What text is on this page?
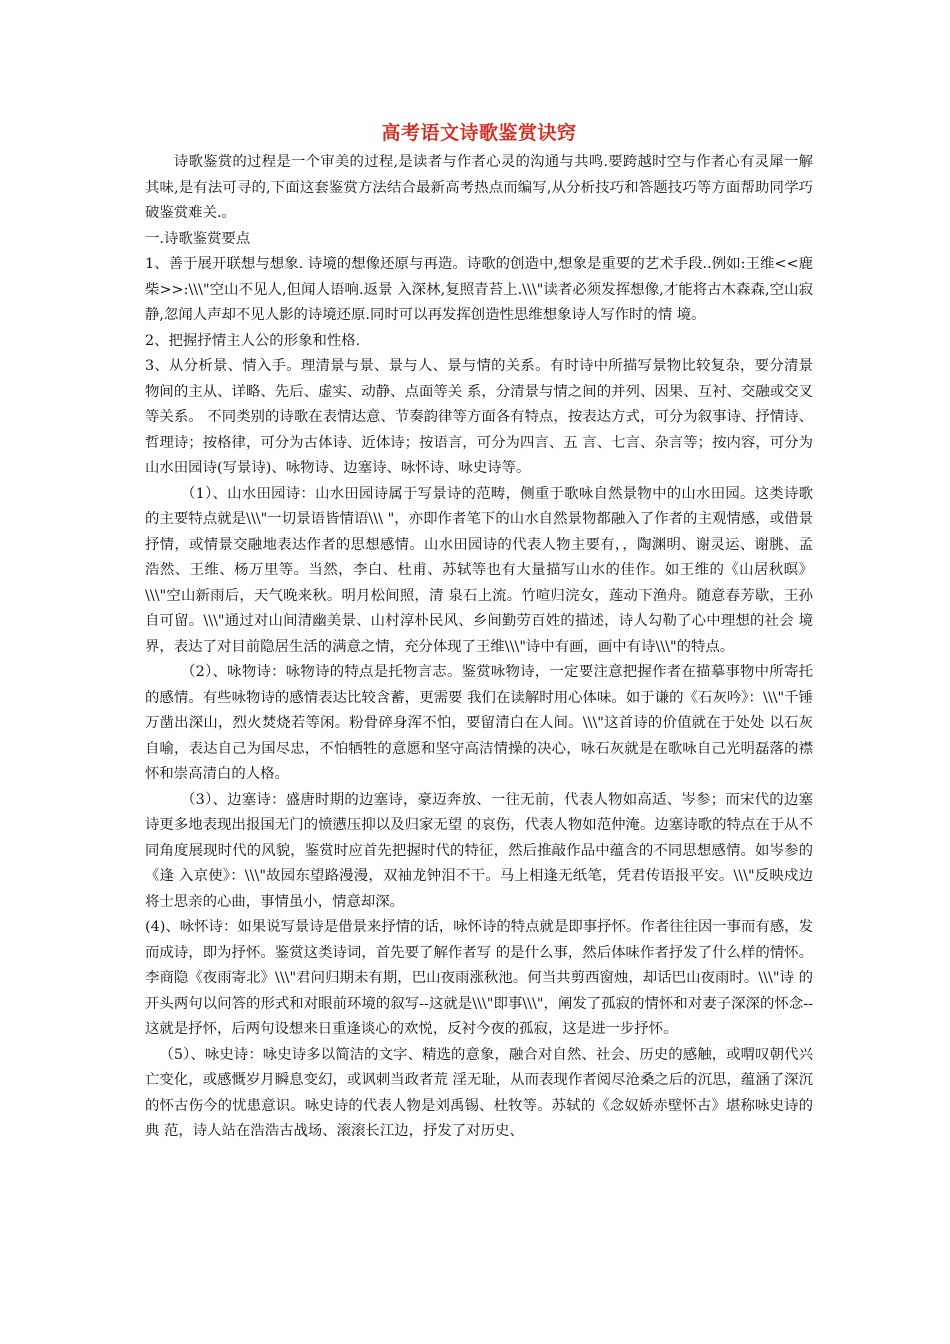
高考语文诗歌鉴赏诀窍

诗歌鉴赏的过程是一个审美的过程,是读者与作者心灵的沟通与共鸣.要跨越时空与作者心有灵犀一解其味,是有法可寻的,下面这套鉴赏方法结合最新高考热点而编写,从分析技巧和答题技巧等方面帮助同学巧破鉴赏难关.。

一.诗歌鉴赏要点

1、善于展开联想与想象. 诗境的想像还原与再造。诗歌的创造中,想象是重要的艺术手段..例如:王维<<鹿柴>>:\\\"空山不见人,但闻人语响.返景 入深林,复照青苔上.\\\"读者必须发挥想像,才能将古木森森,空山寂静,忽闻人声却不见人影的诗境还原.同时可以再发挥创造性思维想象诗人写作时的情 境。

2、把握抒情主人公的形象和性格.

3、从分析景、情入手。理清景与景、景与人、景与情的关系。有时诗中所描写景物比较复杂，要分清景物间的主从、详略、先后、虚实、动静、点面等关 系，分清景与情之间的并列、因果、互衬、交融或交叉等关系。 不同类别的诗歌在表情达意、节奏韵律等方面各有特点，按表达方式，可分为叙事诗、抒情诗、哲理诗；按格律，可分为古体诗、近体诗；按语言，可分为四言、五 言、七言、杂言等；按内容，可分为山水田园诗(写景诗)、咏物诗、边塞诗、咏怀诗、咏史诗等。

（1）、山水田园诗：山水田园诗属于写景诗的范畴，侧重于歌咏自然景物中的山水田园。这类诗歌的主要特点就是\\\"一切景语皆情语\\\ "，亦即作者笔下的山水自然景物都融入了作者的主观情感，或借景抒情，或情景交融地表达作者的思想感情。山水田园诗的代表人物主要有，，陶渊明、谢灵运、谢朓、孟浩然、王维、杨万里等。当然，李白、杜甫、苏轼等也有大量描写山水的佳作。如王维的《山居秋暝》\\\"空山新雨后，天气晚来秋。明月松间照，清 泉石上流。竹喧归浣女，莲动下渔舟。随意春芳歇，王孙自可留。\\\"通过对山间清幽美景、山村淳朴民风、乡间勤劳百姓的描述，诗人勾勒了心中理想的社会 境界，表达了对目前隐居生活的满意之情，充分体现了王维\\\"诗中有画，画中有诗\\\"的特点。

（2）、咏物诗：咏物诗的特点是托物言志。鉴赏咏物诗，一定要注意把握作者在描摹事物中所寄托的感情。有些咏物诗的感情表达比较含蓄，更需要 我们在读解时用心体味。如于谦的《石灰吟》：\\\"千锤万凿出深山，烈火焚烧若等闲。粉骨碎身浑不怕，要留清白在人间。\\\"这首诗的价值就在于处处 以石灰自喻，表达自己为国尽忠，不怕牺牲的意愿和坚守高洁情操的决心，咏石灰就是在歌咏自己光明磊落的襟怀和崇高清白的人格。

（3）、边塞诗：盛唐时期的边塞诗，豪迈奔放、一往无前，代表人物如高适、岑参；而宋代的边塞诗更多地表现出报国无门的愤懑压抑以及归家无望 的哀伤，代表人物如范仲淹。边塞诗歌的特点在于从不同角度展现时代的风貌，鉴赏时应首先把握时代的特征，然后推敲作品中蕴含的不同思想感情。如岑参的《逢 入京使》：\\\"故园东望路漫漫，双袖龙钟泪不干。马上相逢无纸笔，凭君传语报平安。\\\"反映戍边将士思亲的心曲，事情虽小，情意却深。

(4)、咏怀诗：如果说写景诗是借景来抒情的话，咏怀诗的特点就是即事抒怀。作者往往因一事而有感，发而成诗，即为抒怀。鉴赏这类诗词，首先要了解作者写 的是什么事，然后体味作者抒发了什么样的情怀。李商隐《夜雨寄北》\\\"君问归期未有期，巴山夜雨涨秋池。何当共剪西窗烛，却话巴山夜雨时。\\\"诗 的开头两句以问答的形式和对眼前环境的叙写--这就是\\\"即事\\\"，阐发了孤寂的情怀和对妻子深深的怀念--这就是抒怀，后两句设想来日重逢谈心的欢悦，反衬今夜的孤寂，这是进一步抒怀。

（5）、咏史诗：咏史诗多以简洁的文字、精选的意象，融合对自然、社会、历史的感触，或喟叹朝代兴亡变化，或感慨岁月瞬息变幻，或讽刺当政者荒 淫无耻，从而表现作者阅尽沧桑之后的沉思，蕴涵了深沉的怀古伤今的忧患意识。咏史诗的代表人物是刘禹锡、杜牧等。苏轼的《念奴娇赤壁怀古》堪称咏史诗的典 范，诗人站在浩浩古战场、滚滚长江边，抒发了对历史、
